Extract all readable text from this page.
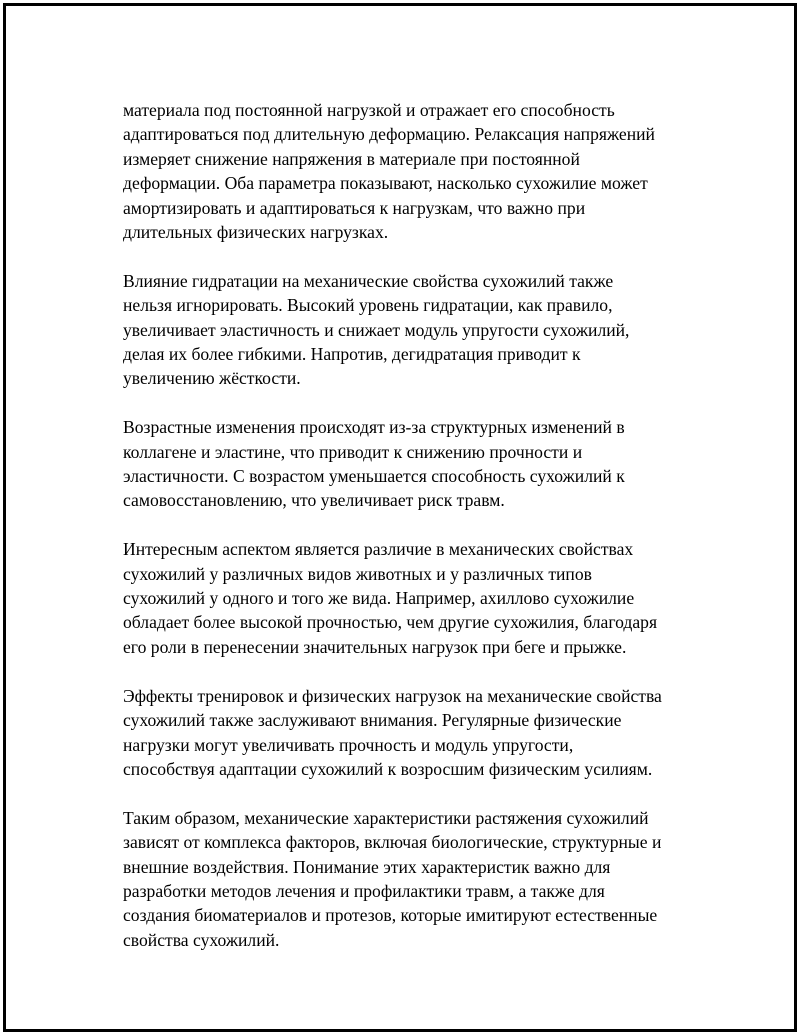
материала под постоянной нагрузкой и отражает его способность
адаптироваться под длительную деформацию. Релаксация напряжений
измеряет снижение напряжения в материале при постоянной
деформации. Оба параметра показывают, насколько сухожилие может
амортизировать и адаптироваться к нагрузкам, что важно при
длительных физических нагрузках.

Влияние гидратации на механические свойства сухожилий также
нельзя игнорировать. Высокий уровень гидратации, как правило,
увеличивает эластичность и снижает модуль упругости сухожилий,
делая их более гибкими. Напротив, дегидратация приводит к
увеличению жёсткости.

Возрастные изменения происходят из-за структурных изменений в
коллагене и эластине, что приводит к снижению прочности и
эластичности. С возрастом уменьшается способность сухожилий к
самовосстановлению, что увеличивает риск травм.

Интересным аспектом является различие в механических свойствах
сухожилий у различных видов животных и у различных типов
сухожилий у одного и того же вида. Например, ахиллово сухожилие
обладает более высокой прочностью, чем другие сухожилия, благодаря
его роли в перенесении значительных нагрузок при беге и прыжке.

Эффекты тренировок и физических нагрузок на механические свойства
сухожилий также заслуживают внимания. Регулярные физические
нагрузки могут увеличивать прочность и модуль упругости,
способствуя адаптации сухожилий к возросшим физическим усилиям.

Таким образом, механические характеристики растяжения сухожилий
зависят от комплекса факторов, включая биологические, структурные и
внешние воздействия. Понимание этих характеристик важно для
разработки методов лечения и профилактики травм, а также для
создания биоматериалов и протезов, которые имитируют естественные
свойства сухожилий.
